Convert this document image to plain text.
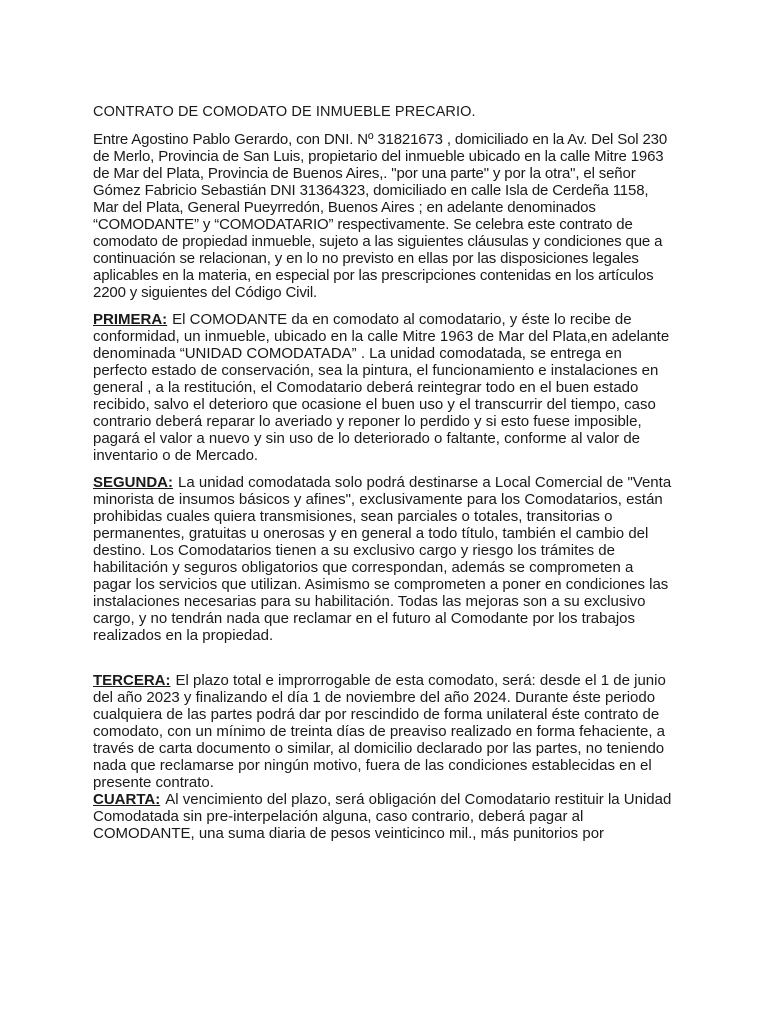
CONTRATO DE COMODATO DE INMUEBLE PRECARIO.

Entre Agostino Pablo Gerardo, con DNI. Nº 31821673 , domiciliado en la Av. Del Sol 230 de Merlo, Provincia de San Luis, propietario del inmueble ubicado en la calle Mitre 1963 de Mar del Plata, Provincia de Buenos Aires,. "por una parte" y por la otra", el señor Gómez Fabricio Sebastián DNI 31364323, domiciliado en calle Isla de Cerdeña 1158, Mar del Plata, General Pueyrredón, Buenos Aires ; en adelante denominados “COMODANTE” y “COMODATARIO” respectivamente. Se celebra este contrato de comodato de propiedad inmueble, sujeto a las siguientes cláusulas y condiciones que a continuación se relacionan, y en lo no previsto en ellas por las disposiciones legales aplicables en la materia, en especial por las prescripciones contenidas en los artículos 2200 y siguientes del Código Civil.

PRIMERA: El COMODANTE da en comodato al comodatario, y éste lo recibe de conformidad, un inmueble, ubicado en la calle Mitre 1963 de Mar del Plata,en adelante denominada “UNIDAD COMODATADA” . La unidad comodatada, se entrega en perfecto estado de conservación, sea la pintura, el funcionamiento e instalaciones en general , a la restitución, el Comodatario deberá reintegrar todo en el buen estado recibido, salvo el deterioro que ocasione el buen uso y el transcurrir del tiempo, caso contrario deberá reparar lo averiado y reponer lo perdido y si esto fuese imposible, pagará el valor a nuevo y sin uso de lo deteriorado o faltante, conforme al valor de inventario o de Mercado.

SEGUNDA: La unidad comodatada solo podrá destinarse a Local Comercial de "Venta minorista de insumos básicos y afines", exclusivamente para los Comodatarios, están prohibidas cuales quiera transmisiones, sean parciales o totales, transitorias o permanentes, gratuitas u onerosas y en general a todo título, también el cambio del destino. Los Comodatarios tienen a su exclusivo cargo y riesgo los trámites de habilitación y seguros obligatorios que correspondan, además se comprometen a pagar los servicios que utilizan. Asimismo se comprometen a poner en condiciones las instalaciones necesarias para su habilitación. Todas las mejoras son a su exclusivo cargo, y no tendrán nada que reclamar en el futuro al Comodante por los trabajos realizados en la propiedad.

TERCERA: El plazo total e improrrogable de esta comodato, será: desde el 1 de junio del año 2023 y finalizando el día 1 de noviembre del año 2024. Durante éste periodo cualquiera de las partes podrá dar por rescindido de forma unilateral éste contrato de comodato, con un mínimo de treinta días de preaviso realizado en forma fehaciente, a través de carta documento o similar, al domicilio declarado por las partes, no teniendo nada que reclamarse por ningún motivo, fuera de las condiciones establecidas en el presente contrato.

CUARTA: Al vencimiento del plazo, será obligación del Comodatario restituir la Unidad Comodatada sin pre-interpelación alguna, caso contrario, deberá pagar al COMODANTE, una suma diaria de pesos veinticinco mil., más punitorios por
